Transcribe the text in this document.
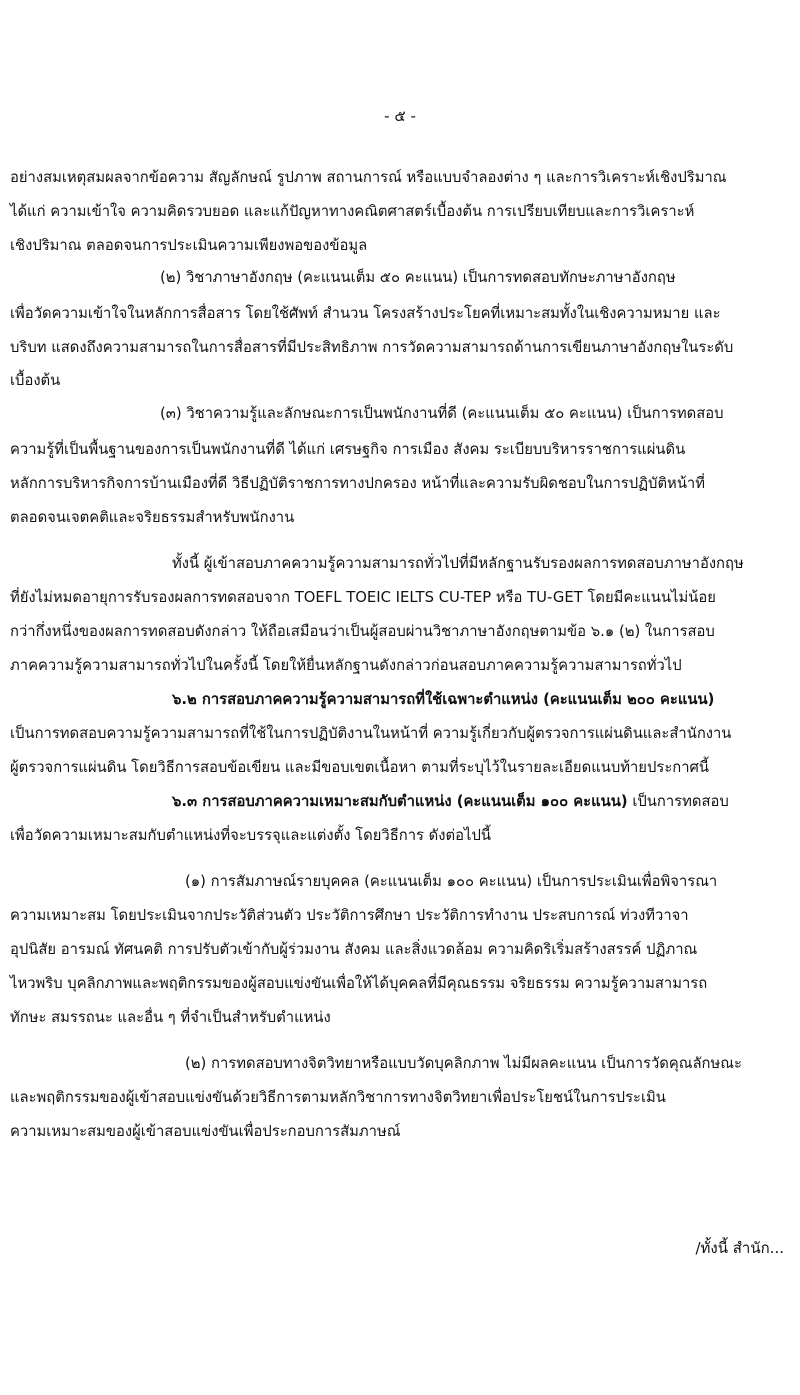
- ๕ -
อย่างสมเหตุสมผลจากข้อความ สัญลักษณ์ รูปภาพ สถานการณ์ หรือแบบจำลองต่าง ๆ และการวิเคราะห์เชิงปริมาณ
ได้แก่ ความเข้าใจ ความคิดรวบยอด และแก้ปัญหาทางคณิตศาสตร์เบื้องต้น การเปรียบเทียบและการวิเคราะห์
เชิงปริมาณ ตลอดจนการประเมินความเพียงพอของข้อมูล
(๒) วิชาภาษาอังกฤษ (คะแนนเต็ม ๕๐ คะแนน) เป็นการทดสอบทักษะภาษาอังกฤษ
เพื่อวัดความเข้าใจในหลักการสื่อสาร โดยใช้ศัพท์ สำนวน โครงสร้างประโยคที่เหมาะสมทั้งในเชิงความหมาย และ
บริบท แสดงถึงความสามารถในการสื่อสารที่มีประสิทธิภาพ การวัดความสามารถด้านการเขียนภาษาอังกฤษในระดับ
เบื้องต้น
(๓) วิชาความรู้และลักษณะการเป็นพนักงานที่ดี (คะแนนเต็ม ๕๐ คะแนน) เป็นการทดสอบ
ความรู้ที่เป็นพื้นฐานของการเป็นพนักงานที่ดี ได้แก่ เศรษฐกิจ การเมือง สังคม ระเบียบบริหารราชการแผ่นดิน
หลักการบริหารกิจการบ้านเมืองที่ดี วิธีปฏิบัติราชการทางปกครอง หน้าที่และความรับผิดชอบในการปฏิบัติหน้าที่
ตลอดจนเจตคติและจริยธรรมสำหรับพนักงาน
ทั้งนี้ ผู้เข้าสอบภาคความรู้ความสามารถทั่วไปที่มีหลักฐานรับรองผลการทดสอบภาษาอังกฤษ
ที่ยังไม่หมดอายุการรับรองผลการทดสอบจาก TOEFL TOEIC IELTS CU-TEP หรือ TU-GET โดยมีคะแนนไม่น้อย
กว่ากึ่งหนึ่งของผลการทดสอบดังกล่าว ให้ถือเสมือนว่าเป็นผู้สอบผ่านวิชาภาษาอังกฤษตามข้อ ๖.๑ (๒) ในการสอบ
ภาคความรู้ความสามารถทั่วไปในครั้งนี้ โดยให้ยื่นหลักฐานดังกล่าวก่อนสอบภาคความรู้ความสามารถทั่วไป
๖.๒ การสอบภาคความรู้ความสามารถที่ใช้เฉพาะตำแหน่ง (คะแนนเต็ม ๒๐๐ คะแนน)
เป็นการทดสอบความรู้ความสามารถที่ใช้ในการปฏิบัติงานในหน้าที่ ความรู้เกี่ยวกับผู้ตรวจการแผ่นดินและสำนักงาน
ผู้ตรวจการแผ่นดิน โดยวิธีการสอบข้อเขียน และมีขอบเขตเนื้อหา ตามที่ระบุไว้ในรายละเอียดแนบท้ายประกาศนี้
๖.๓ การสอบภาคความเหมาะสมกับตำแหน่ง (คะแนนเต็ม ๑๐๐ คะแนน) เป็นการทดสอบ
เพื่อวัดความเหมาะสมกับตำแหน่งที่จะบรรจุและแต่งตั้ง โดยวิธีการ ดังต่อไปนี้
(๑) การสัมภาษณ์รายบุคคล (คะแนนเต็ม ๑๐๐ คะแนน) เป็นการประเมินเพื่อพิจารณา
ความเหมาะสม โดยประเมินจากประวัติส่วนตัว ประวัติการศึกษา ประวัติการทำงาน ประสบการณ์ ท่วงทีวาจา
อุปนิสัย อารมณ์ ทัศนคติ การปรับตัวเข้ากับผู้ร่วมงาน สังคม และสิ่งแวดล้อม ความคิดริเริ่มสร้างสรรค์ ปฏิภาณ
ไหวพริบ บุคลิกภาพและพฤติกรรมของผู้สอบแข่งขันเพื่อให้ได้บุคคลที่มีคุณธรรม จริยธรรม ความรู้ความสามารถ
ทักษะ สมรรถนะ และอื่น ๆ ที่จำเป็นสำหรับตำแหน่ง
(๒) การทดสอบทางจิตวิทยาหรือแบบวัดบุคลิกภาพ ไม่มีผลคะแนน เป็นการวัดคุณลักษณะ
และพฤติกรรมของผู้เข้าสอบแข่งขันด้วยวิธีการตามหลักวิชาการทางจิตวิทยาเพื่อประโยชน์ในการประเมิน
ความเหมาะสมของผู้เข้าสอบแข่งขันเพื่อประกอบการสัมภาษณ์
/ทั้งนี้ สำนัก...
